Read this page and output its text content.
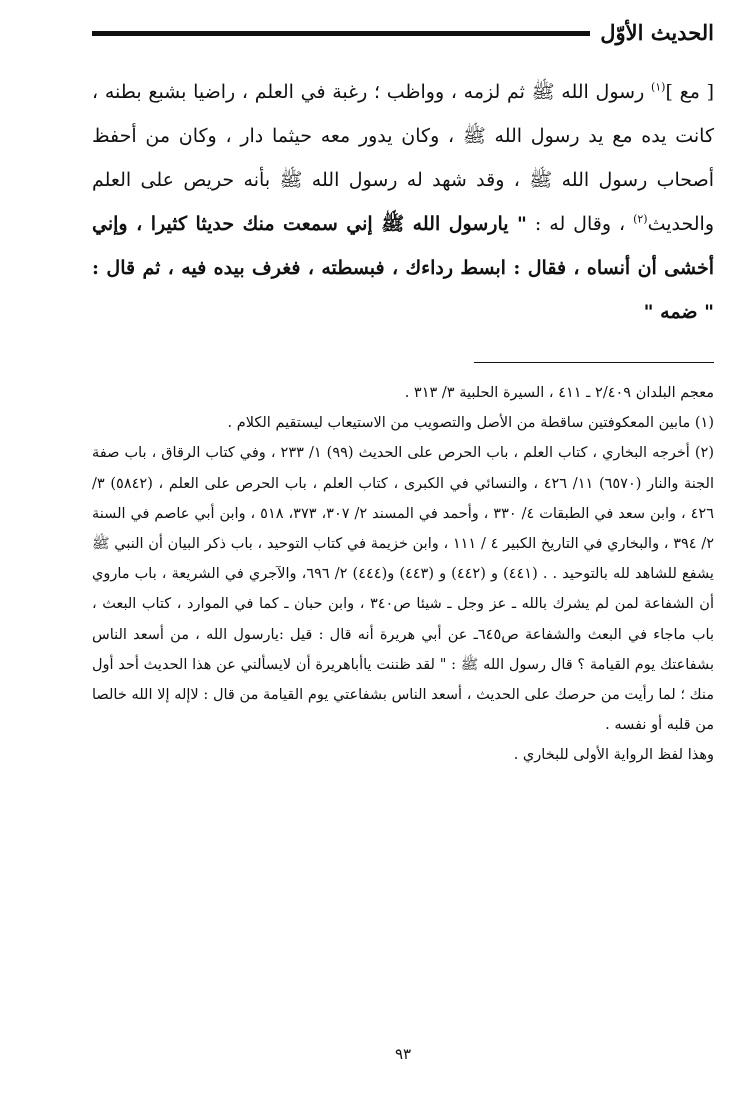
الحديث الأوّل

[ مع ]$^{(١)}$ رسول الله ﷺ ثم لزمه ، وواظب ؛ رغبة في العلم ، راضيا بشبع بطنه ، كانت يده مع يد رسول الله ﷺ ، وكان يدور معه حيثما دار ، وكان من أحفظ أصحاب رسول الله ﷺ ، وقد شهد له رسول الله ﷺ بأنه حريص على العلم والحديث$^{(٢)}$ ، وقال له : " يارسول الله ﷺ إني سمعت منك حديثا كثيرا ، وإني أخشى أن أنساه ، فقال : ابسط رداءك ، فبسطته ، فغرف بيده فيه ، ثم قال : " ضمه "

معجم البلدان ٢/٤٠٩ ـ ٤١١ ، السيرة الحلبية ٣/ ٣١٣ .

(١) مابين المعكوفتين ساقطة من الأصل والتصويب من الاستيعاب ليستقيم الكلام .

(٢) أخرجه البخاري ، كتاب العلم ، باب الحرص على الحديث (٩٩) ١/ ٢٣٣ ، وفي كتاب الرقاق ، باب صفة الجنة والنار (٦٥٧٠) ١١/ ٤٢٦ ، والنسائي في الكبرى ، كتاب العلم ، باب الحرص على العلم ، (٥٨٤٢) ٣/ ٤٢٦ ، وابن سعد في الطبقات ٤/ ٣٣٠ ، وأحمد في المسند ٢/ ٣٠٧، ٣٧٣، ٥١٨ ، وابن أبي عاصم في السنة ٢/ ٣٩٤ ، والبخاري في التاريخ الكبير ٤ / ١١١ ، وابن خزيمة في كتاب التوحيد ، باب ذكر البيان أن النبي ﷺ يشفع للشاهد لله بالتوحيد . . (٤٤١) و (٤٤٢) و (٤٤٣) و(٤٤٤) ٢/ ٦٩٦، والآجري في الشريعة ، باب ماروي أن الشفاعة لمن لم يشرك بالله ـ عز وجل ـ شيئا ص٣٤٠ ، وابن حبان ـ كما في الموارد ، كتاب البعث ، باب ماجاء في البعث والشفاعة ص٦٤٥ـ عن أبي هريرة أنه قال : قيل :يارسول الله ، من أسعد الناس بشفاعتك يوم القيامة ؟ قال رسول الله ﷺ : " لقد ظننت ياأباهريرة أن لايسألني عن هذا الحديث أحد أول منك ؛ لما رأيت من حرصك على الحديث ، أسعد الناس بشفاعتي يوم القيامة من قال : لاإله إلا الله خالصا من قلبه أو نفسه .

وهذا لفظ الرواية الأولى للبخاري .

٩٣
